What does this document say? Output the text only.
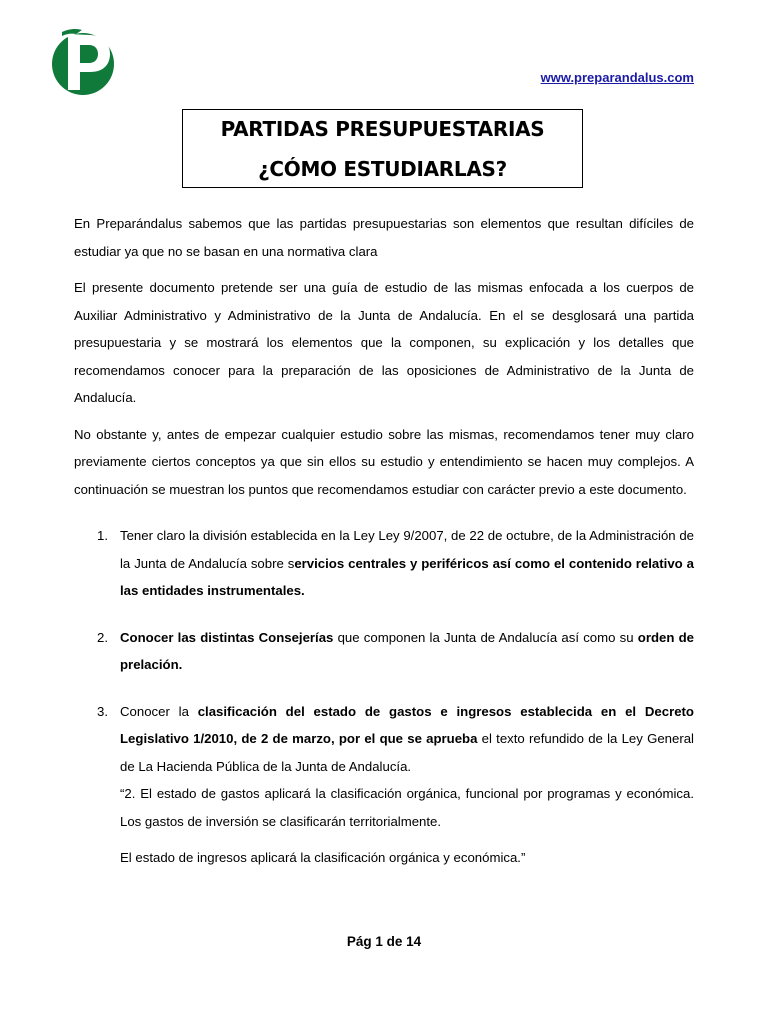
www.preparandalus.com
PARTIDAS PRESUPUESTARIAS
¿CÓMO ESTUDIARLAS?

En Preparándalus sabemos que las partidas presupuestarias son elementos que resultan difíciles de estudiar ya que no se basan en una normativa clara

El presente documento pretende ser una guía de estudio de las mismas enfocada a los cuerpos de Auxiliar Administrativo y Administrativo de la Junta de Andalucía. En el se desglosará una partida presupuestaria y se mostrará los elementos que la componen, su explicación y los detalles que recomendamos conocer para la preparación de las oposiciones de Administrativo de la Junta de Andalucía.

No obstante y, antes de empezar cualquier estudio sobre las mismas, recomendamos tener muy claro previamente ciertos conceptos ya que sin ellos su estudio y entendimiento se hacen muy complejos. A continuación se muestran los puntos que recomendamos estudiar con carácter previo a este documento.

1. Tener claro la división establecida en la Ley Ley 9/2007, de 22 de octubre, de la Administración de la Junta de Andalucía sobre servicios centrales y periféricos así como el contenido relativo a las entidades instrumentales.
2. Conocer las distintas Consejerías que componen la Junta de Andalucía así como su orden de prelación.
3. Conocer la clasificación del estado de gastos e ingresos establecida en el Decreto Legislativo 1/2010, de 2 de marzo, por el que se aprueba el texto refundido de la Ley General de La Hacienda Pública de la Junta de Andalucía.

“2. El estado de gastos aplicará la clasificación orgánica, funcional por programas y económica. Los gastos de inversión se clasificarán territorialmente.

El estado de ingresos aplicará la clasificación orgánica y económica.”

Pág 1 de 14
